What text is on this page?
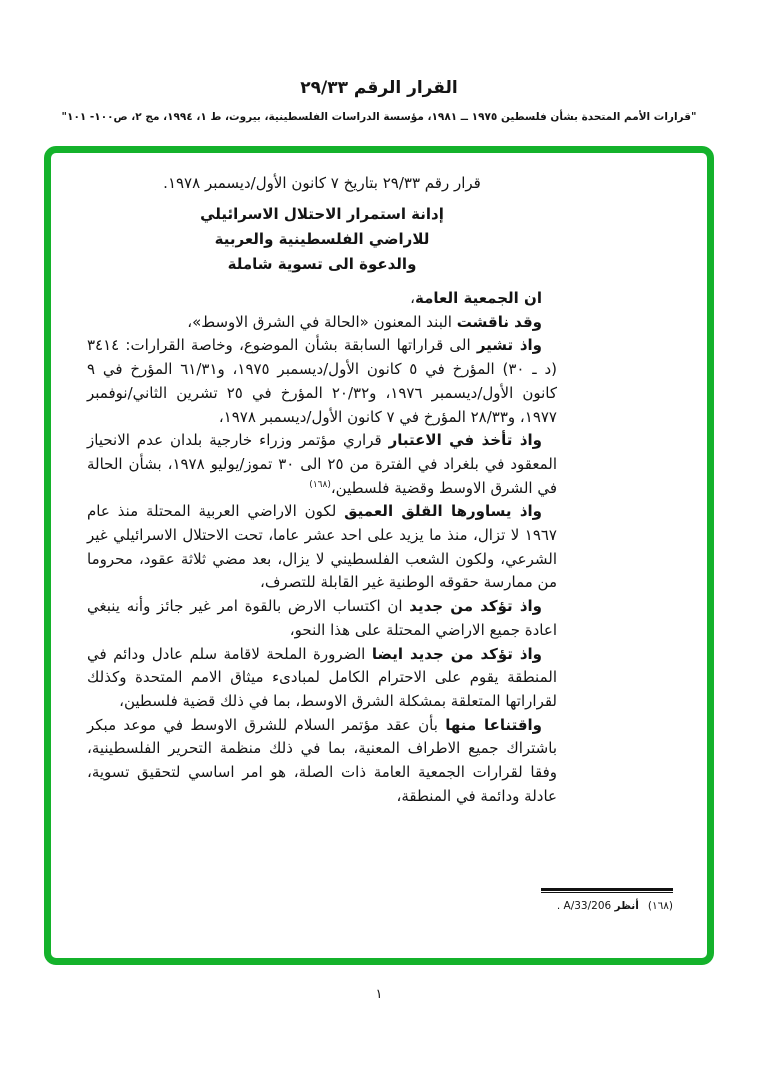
القرار الرقم ٢٩/٣٣
"قرارات الأمم المتحدة بشأن فلسطين ١٩٧٥ ــ ١٩٨١، مؤسسة الدراسات الفلسطينية، بيروت، ط ١، ١٩٩٤، مج ٢، ص١٠٠- ١٠١"

قرار رقم ٢٩/٣٣ بتاريخ ٧ كانون الأول/ديسمبر ١٩٧٨.

إدانة استمرار الاحتلال الاسرائيلي
للاراضي الفلسطينية والعربية
والدعوة الى تسوية شاملة

ان الجمعية العامة،

وقد ناقشت البند المعنون «الحالة في الشرق الاوسط»،

واذ تشير الى قراراتها السابقة بشأن الموضوع، وخاصة القرارات: ٣٤١٤ (د ـ ٣٠) المؤرخ في ٥ كانون الأول/ديسمبر ١٩٧٥، و٦١/٣١ المؤرخ في ٩ كانون الأول/ديسمبر ١٩٧٦، و٢٠/٣٢ المؤرخ في ٢٥ تشرين الثاني/نوفمبر ١٩٧٧، و٢٨/٣٣ المؤرخ في ٧ كانون الأول/ديسمبر ١٩٧٨،

واذ تأخذ في الاعتبار قراري مؤتمر وزراء خارجية بلدان عدم الانحياز المعقود في بلغراد في الفترة من ٢٥ الى ٣٠ تموز/يوليو ١٩٧٨، بشأن الحالة في الشرق الاوسط وقضية فلسطين،$^{(١٦٨)}$

واذ يساورها القلق العميق لكون الاراضي العربية المحتلة منذ عام ١٩٦٧ لا تزال، منذ ما يزيد على احد عشر عاما، تحت الاحتلال الاسرائيلي غير الشرعي، ولكون الشعب الفلسطيني لا يزال، بعد مضي ثلاثة عقود، محروما من ممارسة حقوقه الوطنية غير القابلة للتصرف،

واذ تؤكد من جديد ان اكتساب الارض بالقوة امر غير جائز وأنه ينبغي اعادة جميع الاراضي المحتلة على هذا النحو،

واذ تؤكد من جديد ايضا الضرورة الملحة لاقامة سلم عادل ودائم في المنطقة يقوم على الاحترام الكامل لمبادىء ميثاق الامم المتحدة وكذلك لقراراتها المتعلقة بمشكلة الشرق الاوسط، بما في ذلك قضية فلسطين،

واقتناعا منها بأن عقد مؤتمر السلام للشرق الاوسط في موعد مبكر باشتراك جميع الاطراف المعنية، بما في ذلك منظمة التحرير الفلسطينية، وفقا لقرارات الجمعية العامة ذات الصلة، هو امر اساسي لتحقيق تسوية، عادلة ودائمة في المنطقة،

(١٦٨)
أنظر A/33/206 .
١
